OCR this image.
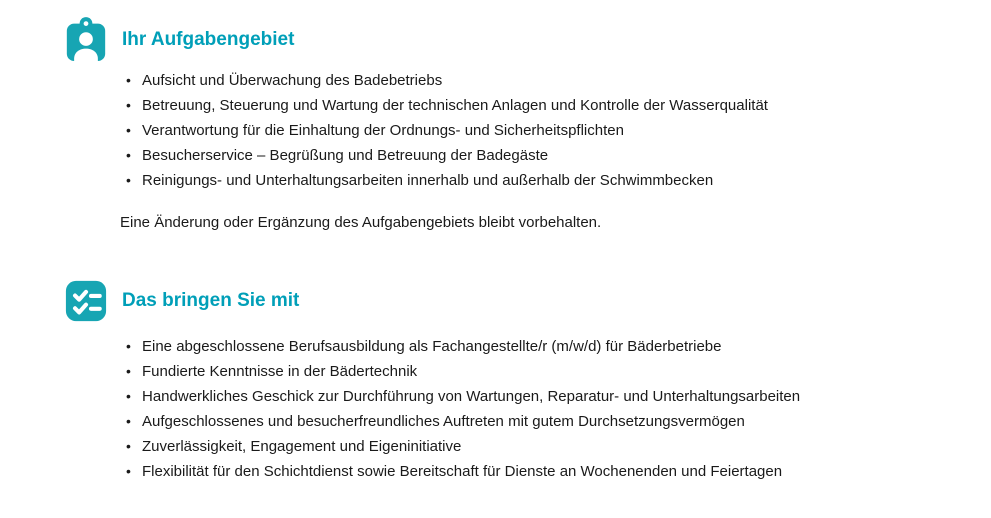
Ihr Aufgabengebiet
• Aufsicht und Überwachung des Badebetriebs
• Betreuung, Steuerung und Wartung der technischen Anlagen und Kontrolle der Wasserqualität
• Verantwortung für die Einhaltung der Ordnungs- und Sicherheitspflichten
• Besucherservice – Begrüßung und Betreuung der Badegäste
• Reinigungs- und Unterhaltungsarbeiten innerhalb und außerhalb der Schwimmbecken

Eine Änderung oder Ergänzung des Aufgabengebiets bleibt vorbehalten.

Das bringen Sie mit
• Eine abgeschlossene Berufsausbildung als Fachangestellte/r (m/w/d) für Bäderbetriebe
• Fundierte Kenntnisse in der Bädertechnik
• Handwerkliches Geschick zur Durchführung von Wartungen, Reparatur- und Unterhaltungsarbeiten
• Aufgeschlossenes und besucherfreundliches Auftreten mit gutem Durchsetzungsvermögen
• Zuverlässigkeit, Engagement und Eigeninitiative
• Flexibilität für den Schichtdienst sowie Bereitschaft für Dienste an Wochenenden und Feiertagen
